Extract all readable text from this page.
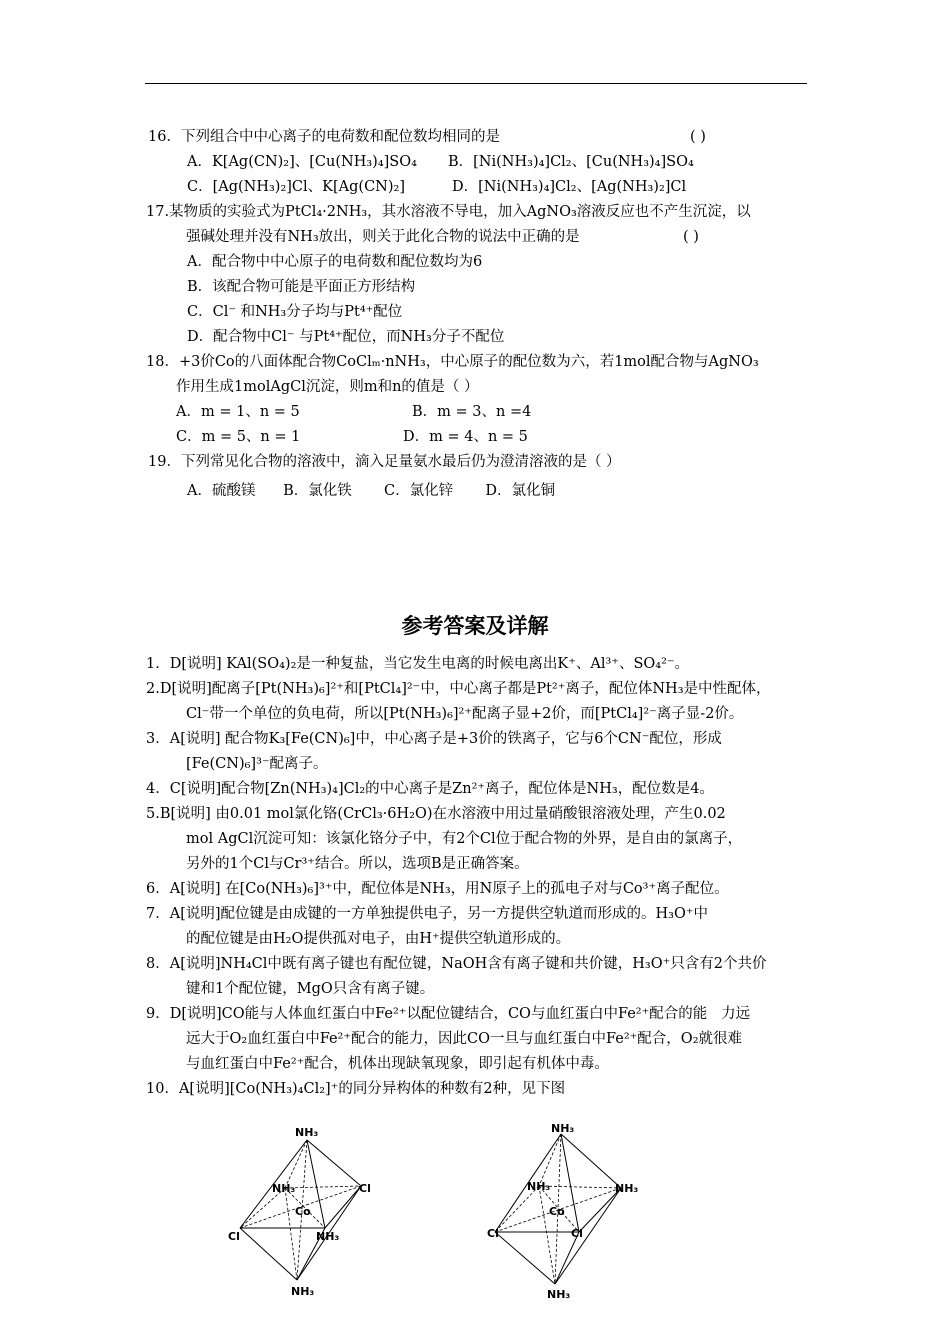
16．下列组合中中心离子的电荷数和配位数均相同的是	( )
A．K[Ag(CN)₂]、[Cu(NH₃)₄]SO₄ B．[Ni(NH₃)₄]Cl₂、[Cu(NH₃)₄]SO₄
C．[Ag(NH₃)₂]Cl、K[Ag(CN)₂]	D．[Ni(NH₃)₄]Cl₂、[Ag(NH₃)₂]Cl
17.某物质的实验式为PtCl₄·2NH₃，其水溶液不导电，加入AgNO₃溶液反应也不产生沉淀，以
强碱处理并没有NH₃放出，则关于此化合物的说法中正确的是	( )
A．配合物中中心原子的电荷数和配位数均为6
B．该配合物可能是平面正方形结构
C．Cl⁻ 和NH₃分子均与Pt⁴⁺配位
D．配合物中Cl⁻ 与Pt⁴⁺配位，而NH₃分子不配位
18．+3价Co的八面体配合物CoClₘ·nNH₃，中心原子的配位数为六，若1mol配合物与AgNO₃
作用生成1molAgCl沉淀，则m和n的值是（ ）
A．m = 1、n = 5	B．m = 3、n =4
C．m = 5、n = 1	D．m = 4、n = 5
19．下列常见化合物的溶液中，滴入足量氨水最后仍为澄清溶液的是（ ）
A．硫酸镁      B．氯化铁       C．氯化锌       D．氯化铜
参考答案及详解
1．D[说明] KAl(SO₄)₂是一种复盐，当它发生电离的时候电离出K⁺、Al³⁺、SO₄²⁻。
2.D[说明]配离子[Pt(NH₃)₆]²⁺和[PtCl₄]²⁻中，中心离子都是Pt²⁺离子，配位体NH₃是中性配体，
Cl⁻带一个单位的负电荷，所以[Pt(NH₃)₆]²⁺配离子显+2价，而[PtCl₄]²⁻离子显-2价。
3．A[说明] 配合物K₃[Fe(CN)₆]中，中心离子是+3价的铁离子，它与6个CN⁻配位，形成
[Fe(CN)₆]³⁻配离子。
4．C[说明]配合物[Zn(NH₃)₄]Cl₂的中心离子是Zn²⁺离子，配位体是NH₃，配位数是4。
5.B[说明] 由0.01 mol氯化铬(CrCl₃·6H₂O)在水溶液中用过量硝酸银溶液处理，产生0.02
mol AgCl沉淀可知：该氯化铬分子中，有2个Cl位于配合物的外界，是自由的氯离子，
另外的1个Cl与Cr³⁺结合。所以，选项B是正确答案。
6．A[说明] 在[Co(NH₃)₆]³⁺中，配位体是NH₃，用N原子上的孤电子对与Co³⁺离子配位。
7．A[说明]配位键是由成键的一方单独提供电子，另一方提供空轨道而形成的。H₃O⁺中
的配位键是由H₂O提供孤对电子，由H⁺提供空轨道形成的。
8．A[说明]NH₄Cl中既有离子键也有配位键，NaOH含有离子键和共价键，H₃O⁺只含有2个共价
键和1个配位键，MgO只含有离子键。
9．D[说明]CO能与人体血红蛋白中Fe²⁺以配位键结合，CO与血红蛋白中Fe²⁺配合的能   力远
远大于O₂血红蛋白中Fe²⁺配合的能力，因此CO一旦与血红蛋白中Fe²⁺配合，O₂就很难
与血红蛋白中Fe²⁺配合，机体出现缺氧现象，即引起有机体中毒。
10．A[说明][Co(NH₃)₄Cl₂]⁺的同分异构体的种数有2种，见下图
NH₃
NH₃	Cl
Co
Cl	NH₃
NH₃
NH₃
NH₃	NH₃
Co
Cl	Cl
NH₃
